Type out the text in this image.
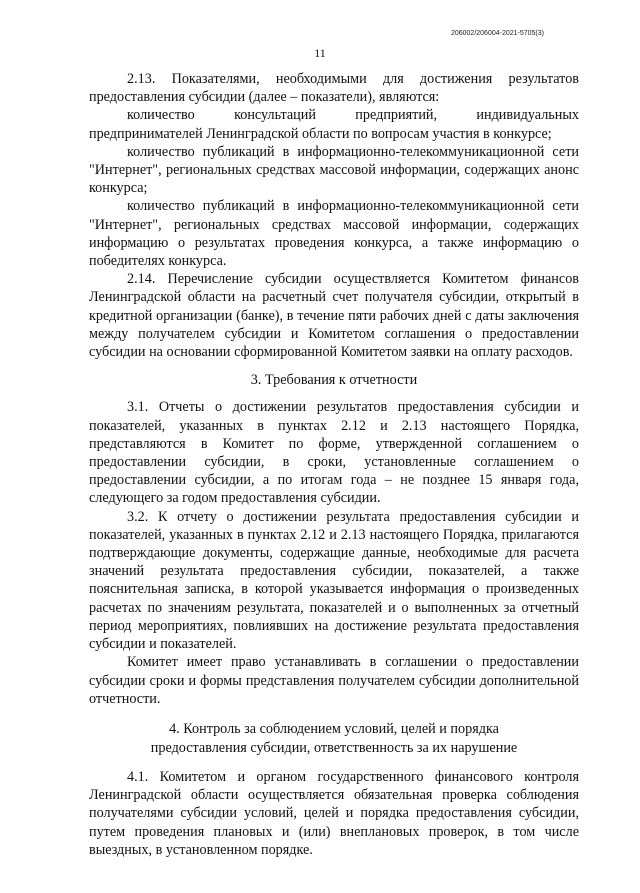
206002/206004-2021-5705(3)
11

2.13. Показателями, необходимыми для достижения результатов предоставления субсидии (далее – показатели), являются:

количество консультаций предприятий, индивидуальных предпринимателей Ленинградской области по вопросам участия в конкурсе;

количество публикаций в информационно-телекоммуникационной сети "Интернет", региональных средствах массовой информации, содержащих анонс конкурса;

количество публикаций в информационно-телекоммуникационной сети "Интернет", региональных средствах массовой информации, содержащих информацию о результатах проведения конкурса, а также информацию о победителях конкурса.

2.14. Перечисление субсидии осуществляется Комитетом финансов Ленинградской области на расчетный счет получателя субсидии, открытый в кредитной организации (банке), в течение пяти рабочих дней с даты заключения между получателем субсидии и Комитетом соглашения о предоставлении субсидии на основании сформированной Комитетом заявки на оплату расходов.

3. Требования к отчетности

3.1. Отчеты о достижении результатов предоставления субсидии и показателей, указанных в пунктах 2.12 и 2.13 настоящего Порядка, представляются в Комитет по форме, утвержденной соглашением о предоставлении субсидии, в сроки, установленные соглашением о предоставлении субсидии, а по итогам года – не позднее 15 января года, следующего за годом предоставления субсидии.

3.2. К отчету о достижении результата предоставления субсидии и показателей, указанных в пунктах 2.12 и 2.13 настоящего Порядка, прилагаются подтверждающие документы, содержащие данные, необходимые для расчета значений результата предоставления субсидии, показателей, а также пояснительная записка, в которой указывается информация о произведенных расчетах по значениям результата, показателей и о выполненных за отчетный период мероприятиях, повлиявших на достижение результата предоставления субсидии и показателей.

Комитет имеет право устанавливать в соглашении о предоставлении субсидии сроки и формы представления получателем субсидии дополнительной отчетности.

4. Контроль за соблюдением условий, целей и порядка
предоставления субсидии, ответственность за их нарушение

4.1. Комитетом и органом государственного финансового контроля Ленинградской области осуществляется обязательная проверка соблюдения получателями субсидии условий, целей и порядка предоставления субсидии, путем проведения плановых и (или) внеплановых проверок, в том числе выездных, в установленном порядке.
